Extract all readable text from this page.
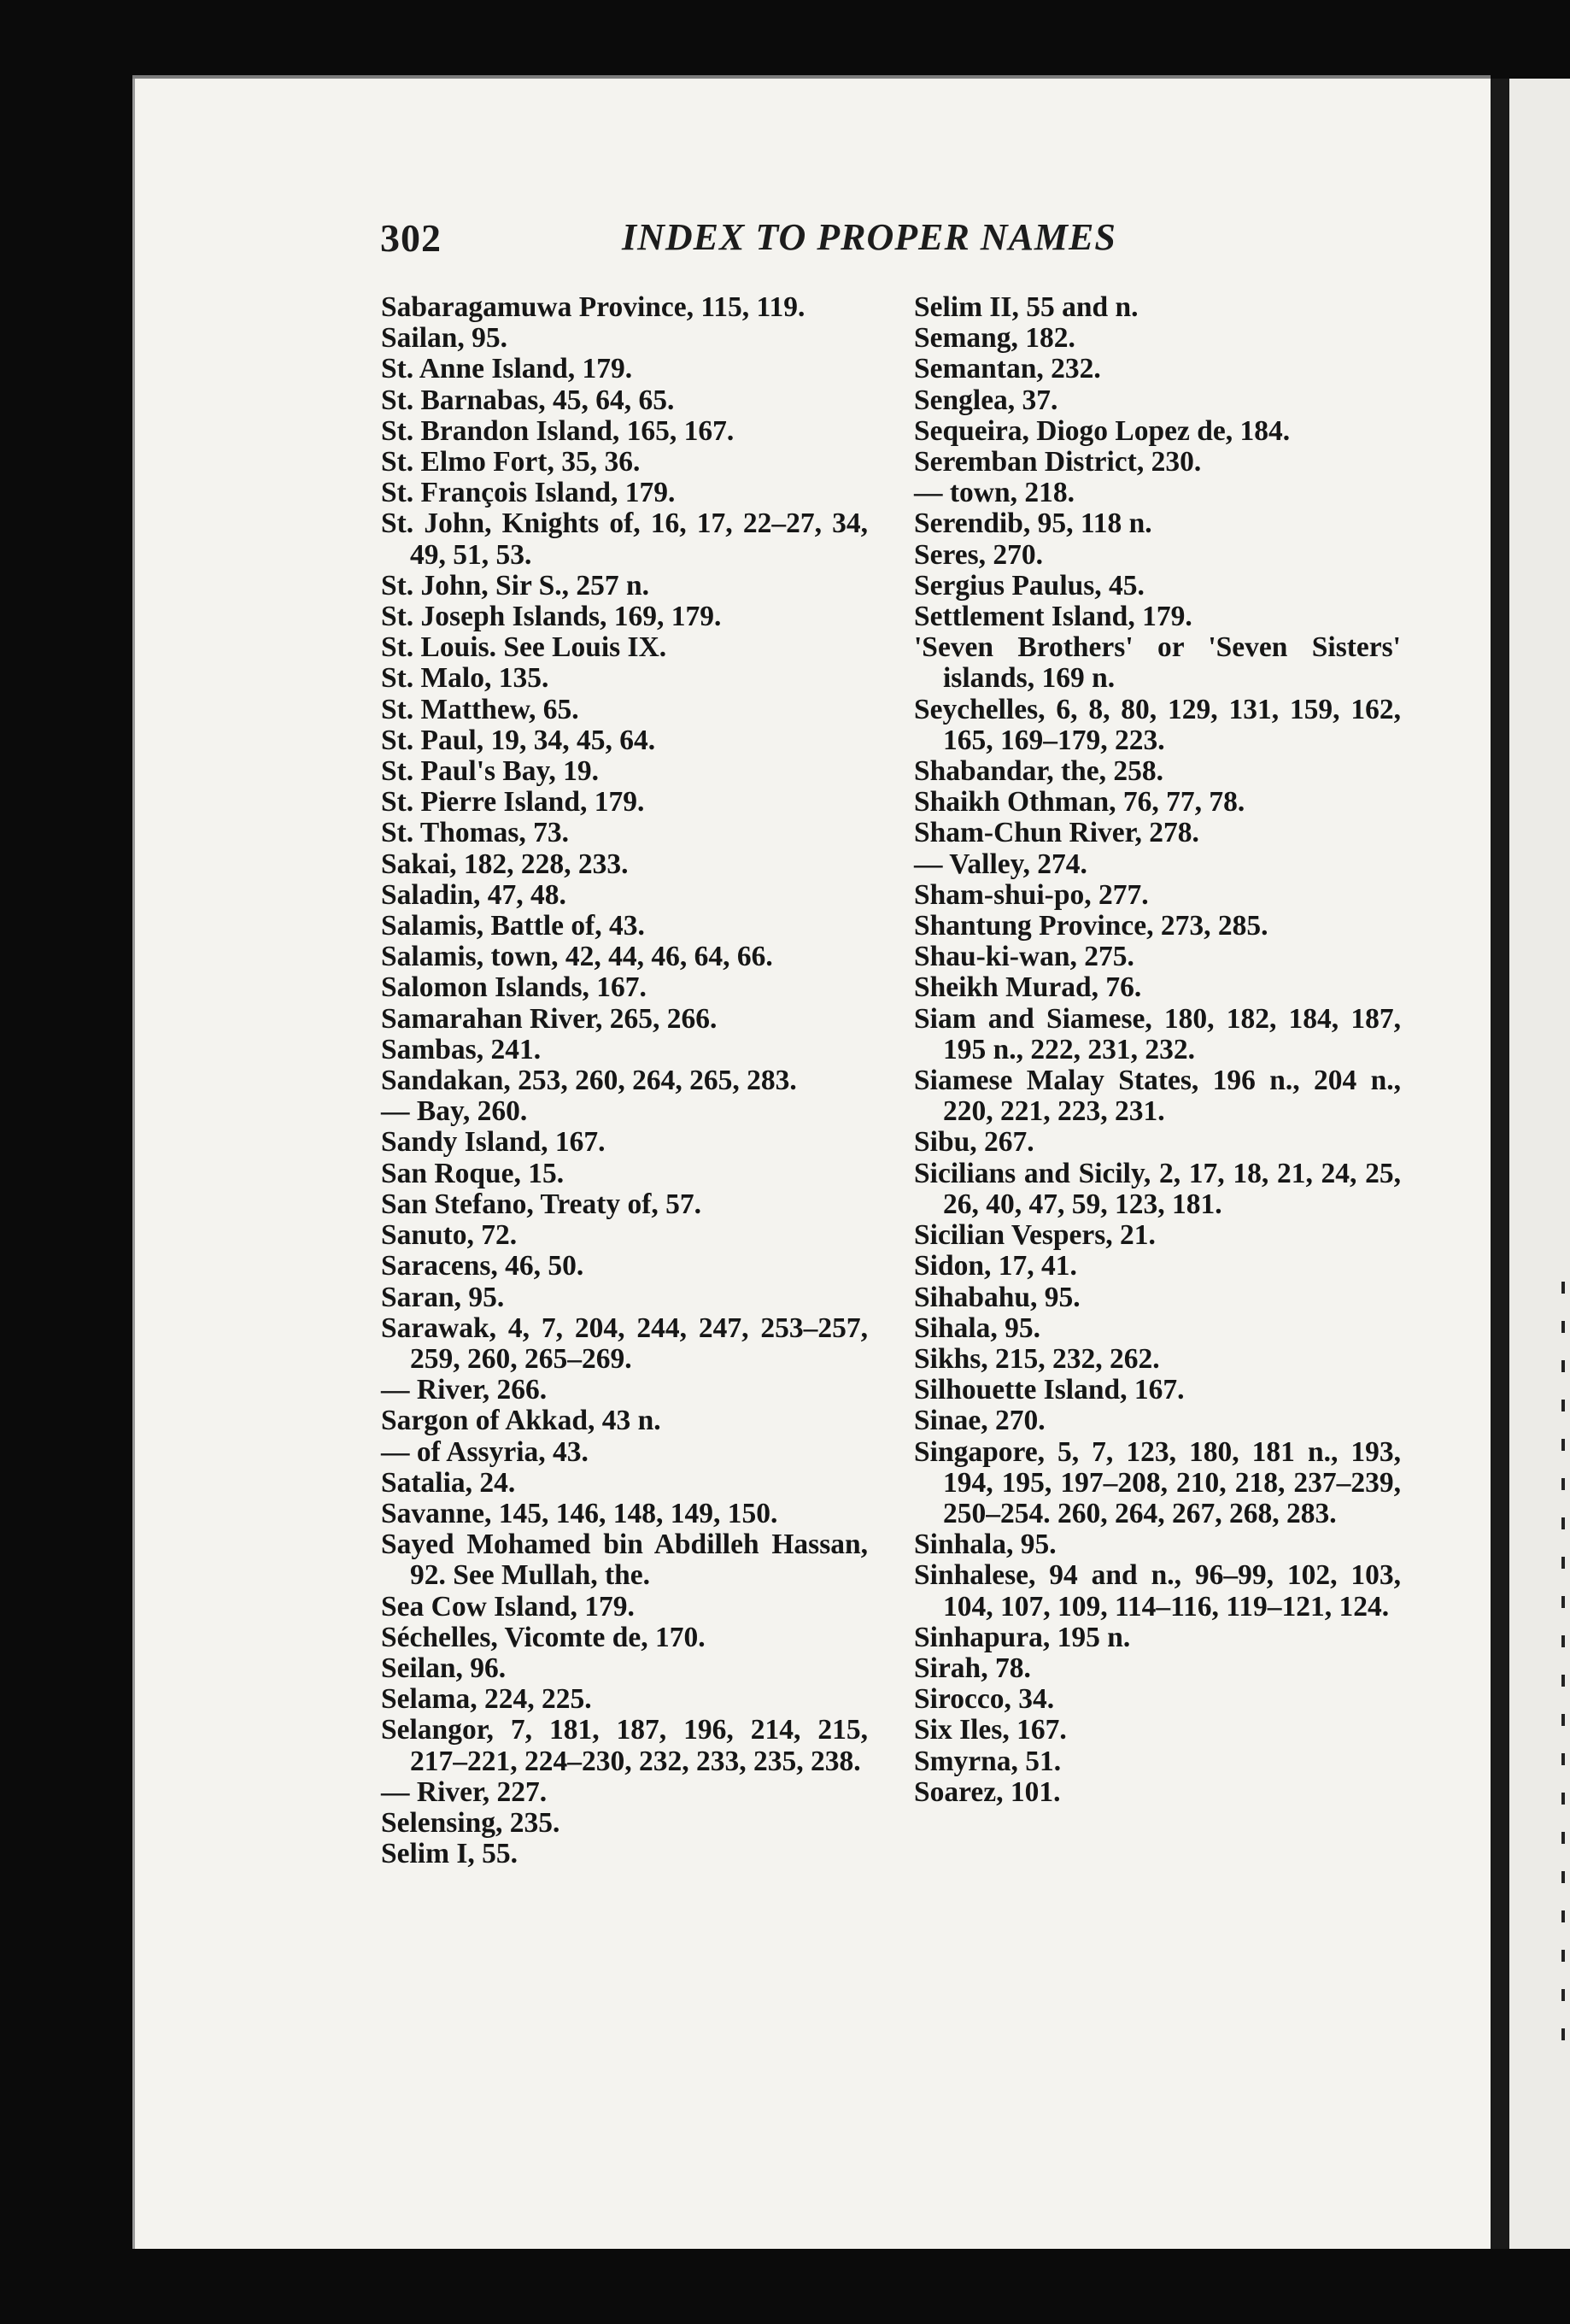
302	INDEX TO PROPER NAMES
Sabaragamuwa Province, 115, 119.
Sailan, 95.
St. Anne Island, 179.
St. Barnabas, 45, 64, 65.
St. Brandon Island, 165, 167.
St. Elmo Fort, 35, 36.
St. François Island, 179.
St. John, Knights of, 16, 17, 22–27, 34, 49, 51, 53.
St. John, Sir S., 257 n.
St. Joseph Islands, 169, 179.
St. Louis. See Louis IX.
St. Malo, 135.
St. Matthew, 65.
St. Paul, 19, 34, 45, 64.
St. Paul's Bay, 19.
St. Pierre Island, 179.
St. Thomas, 73.
Sakai, 182, 228, 233.
Saladin, 47, 48.
Salamis, Battle of, 43.
Salamis, town, 42, 44, 46, 64, 66.
Salomon Islands, 167.
Samarahan River, 265, 266.
Sambas, 241.
Sandakan, 253, 260, 264, 265, 283.
— Bay, 260.
Sandy Island, 167.
San Roque, 15.
San Stefano, Treaty of, 57.
Sanuto, 72.
Saracens, 46, 50.
Saran, 95.
Sarawak, 4, 7, 204, 244, 247, 253–257, 259, 260, 265–269.
— River, 266.
Sargon of Akkad, 43 n.
— of Assyria, 43.
Satalia, 24.
Savanne, 145, 146, 148, 149, 150.
Sayed Mohamed bin Abdilleh Hassan, 92. See Mullah, the.
Sea Cow Island, 179.
Séchelles, Vicomte de, 170.
Seilan, 96.
Selama, 224, 225.
Selangor, 7, 181, 187, 196, 214, 215, 217–221, 224–230, 232, 233, 235, 238.
— River, 227.
Selensing, 235.
Selim I, 55.
Selim II, 55 and n.
Semang, 182.
Semantan, 232.
Senglea, 37.
Sequeira, Diogo Lopez de, 184.
Seremban District, 230.
— town, 218.
Serendib, 95, 118 n.
Seres, 270.
Sergius Paulus, 45.
Settlement Island, 179.
'Seven Brothers' or 'Seven Sisters' islands, 169 n.
Seychelles, 6, 8, 80, 129, 131, 159, 162, 165, 169–179, 223.
Shabandar, the, 258.
Shaikh Othman, 76, 77, 78.
Sham-Chun River, 278.
— Valley, 274.
Sham-shui-po, 277.
Shantung Province, 273, 285.
Shau-ki-wan, 275.
Sheikh Murad, 76.
Siam and Siamese, 180, 182, 184, 187, 195 n., 222, 231, 232.
Siamese Malay States, 196 n., 204 n., 220, 221, 223, 231.
Sibu, 267.
Sicilians and Sicily, 2, 17, 18, 21, 24, 25, 26, 40, 47, 59, 123, 181.
Sicilian Vespers, 21.
Sidon, 17, 41.
Sihabahu, 95.
Sihala, 95.
Sikhs, 215, 232, 262.
Silhouette Island, 167.
Sinae, 270.
Singapore, 5, 7, 123, 180, 181 n., 193, 194, 195, 197–208, 210, 218, 237–239, 250–254. 260, 264, 267, 268, 283.
Sinhala, 95.
Sinhalese, 94 and n., 96–99, 102, 103, 104, 107, 109, 114–116, 119–121, 124.
Sinhapura, 195 n.
Sirah, 78.
Sirocco, 34.
Six Iles, 167.
Smyrna, 51.
Soarez, 101.
